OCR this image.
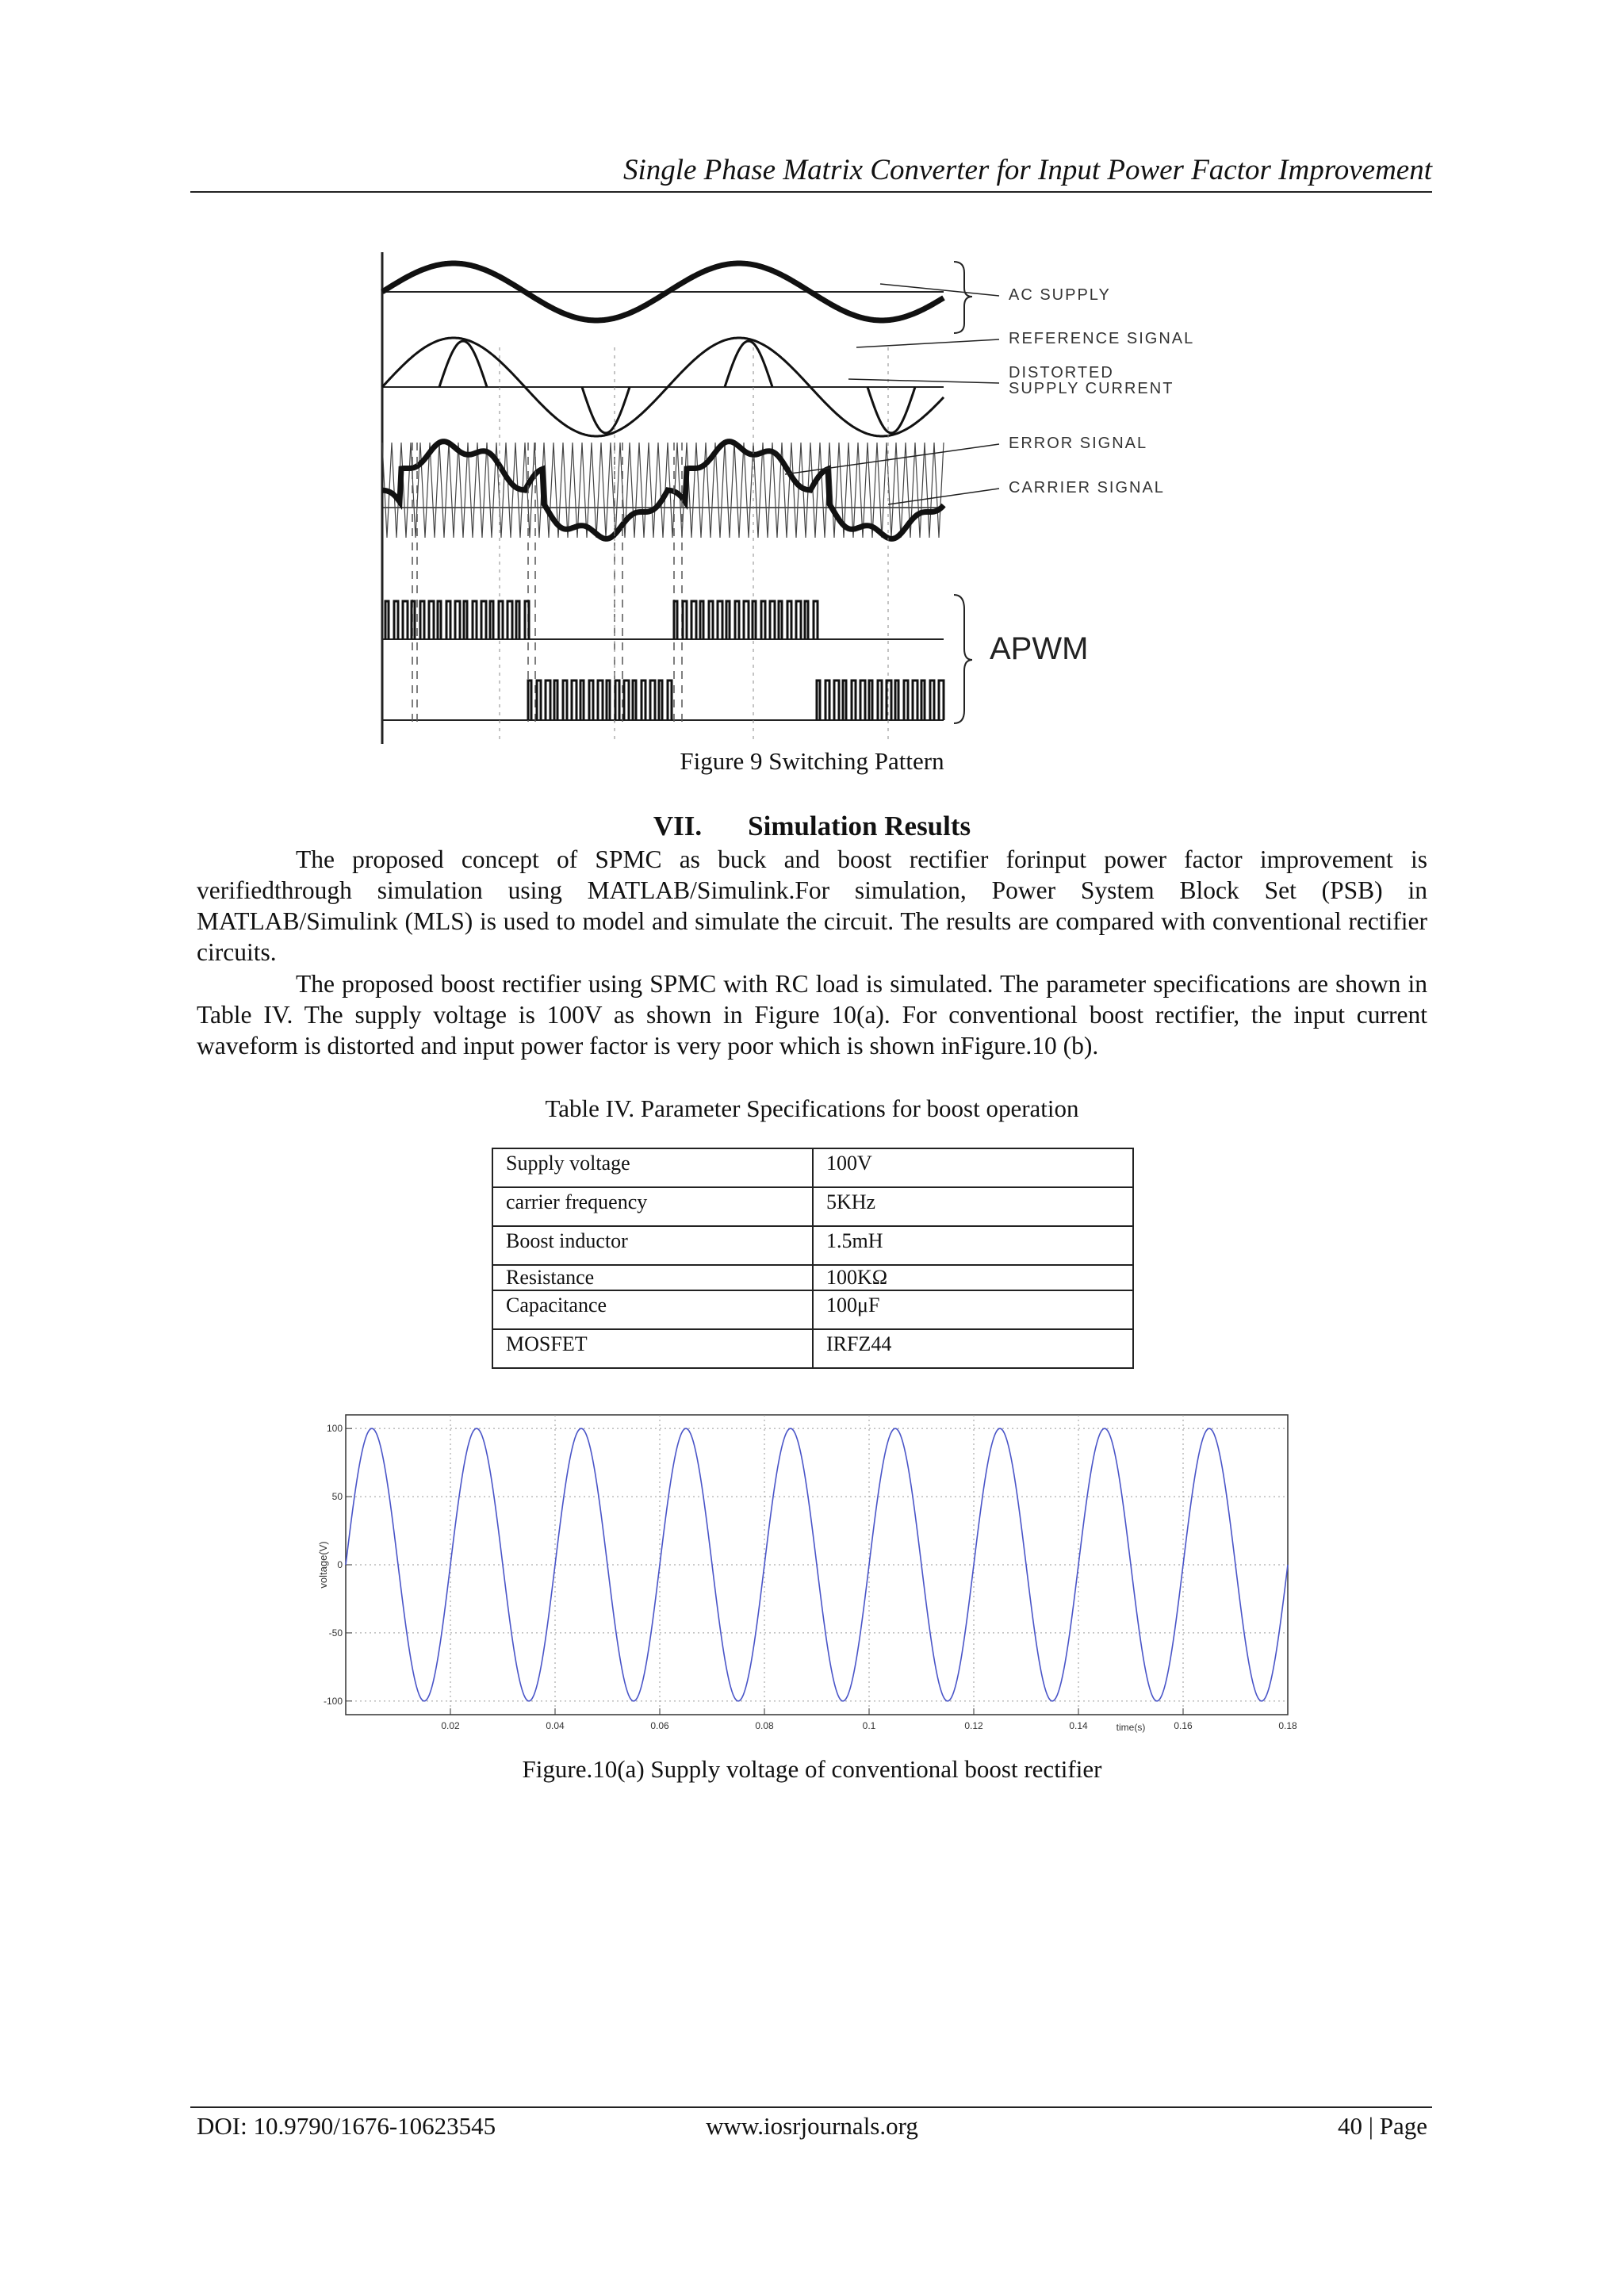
Single Phase Matrix Converter for Input Power Factor Improvement
AC SUPPLY
REFERENCE SIGNAL
DISTORTED
SUPPLY CURRENT
ERROR SIGNAL
CARRIER SIGNAL
APWM
Figure 9 Switching Pattern
VII. Simulation Results

The proposed concept of SPMC as buck and boost rectifier forinput power factor improvement is verifiedthrough simulation using MATLAB/Simulink.For simulation, Power System Block Set (PSB) in MATLAB/Simulink (MLS) is used to model and simulate the circuit. The results are compared with conventional rectifier circuits.

The proposed boost rectifier using SPMC with RC load is simulated. The parameter specifications are shown in Table IV. The supply voltage is 100V as shown in Figure 10(a). For conventional boost rectifier, the input current waveform is distorted and input power factor is very poor which is shown inFigure.10 (b).

Table IV. Parameter Specifications for boost operation
Supply voltage	100V
carrier frequency	5KHz
Boost inductor	1.5mH
Resistance	100KΩ
Capacitance	100μF
MOSFET	IRFZ44
0.02	0.04	0.06	0.08	0.1	0.12	0.14	0.16	0.18
100
50
0
-50
-100
voltage(V)
time(s)
Figure.10(a) Supply voltage of conventional boost rectifier
DOI: 10.9790/1676-10623545	www.iosrjournals.org	40 | Page
